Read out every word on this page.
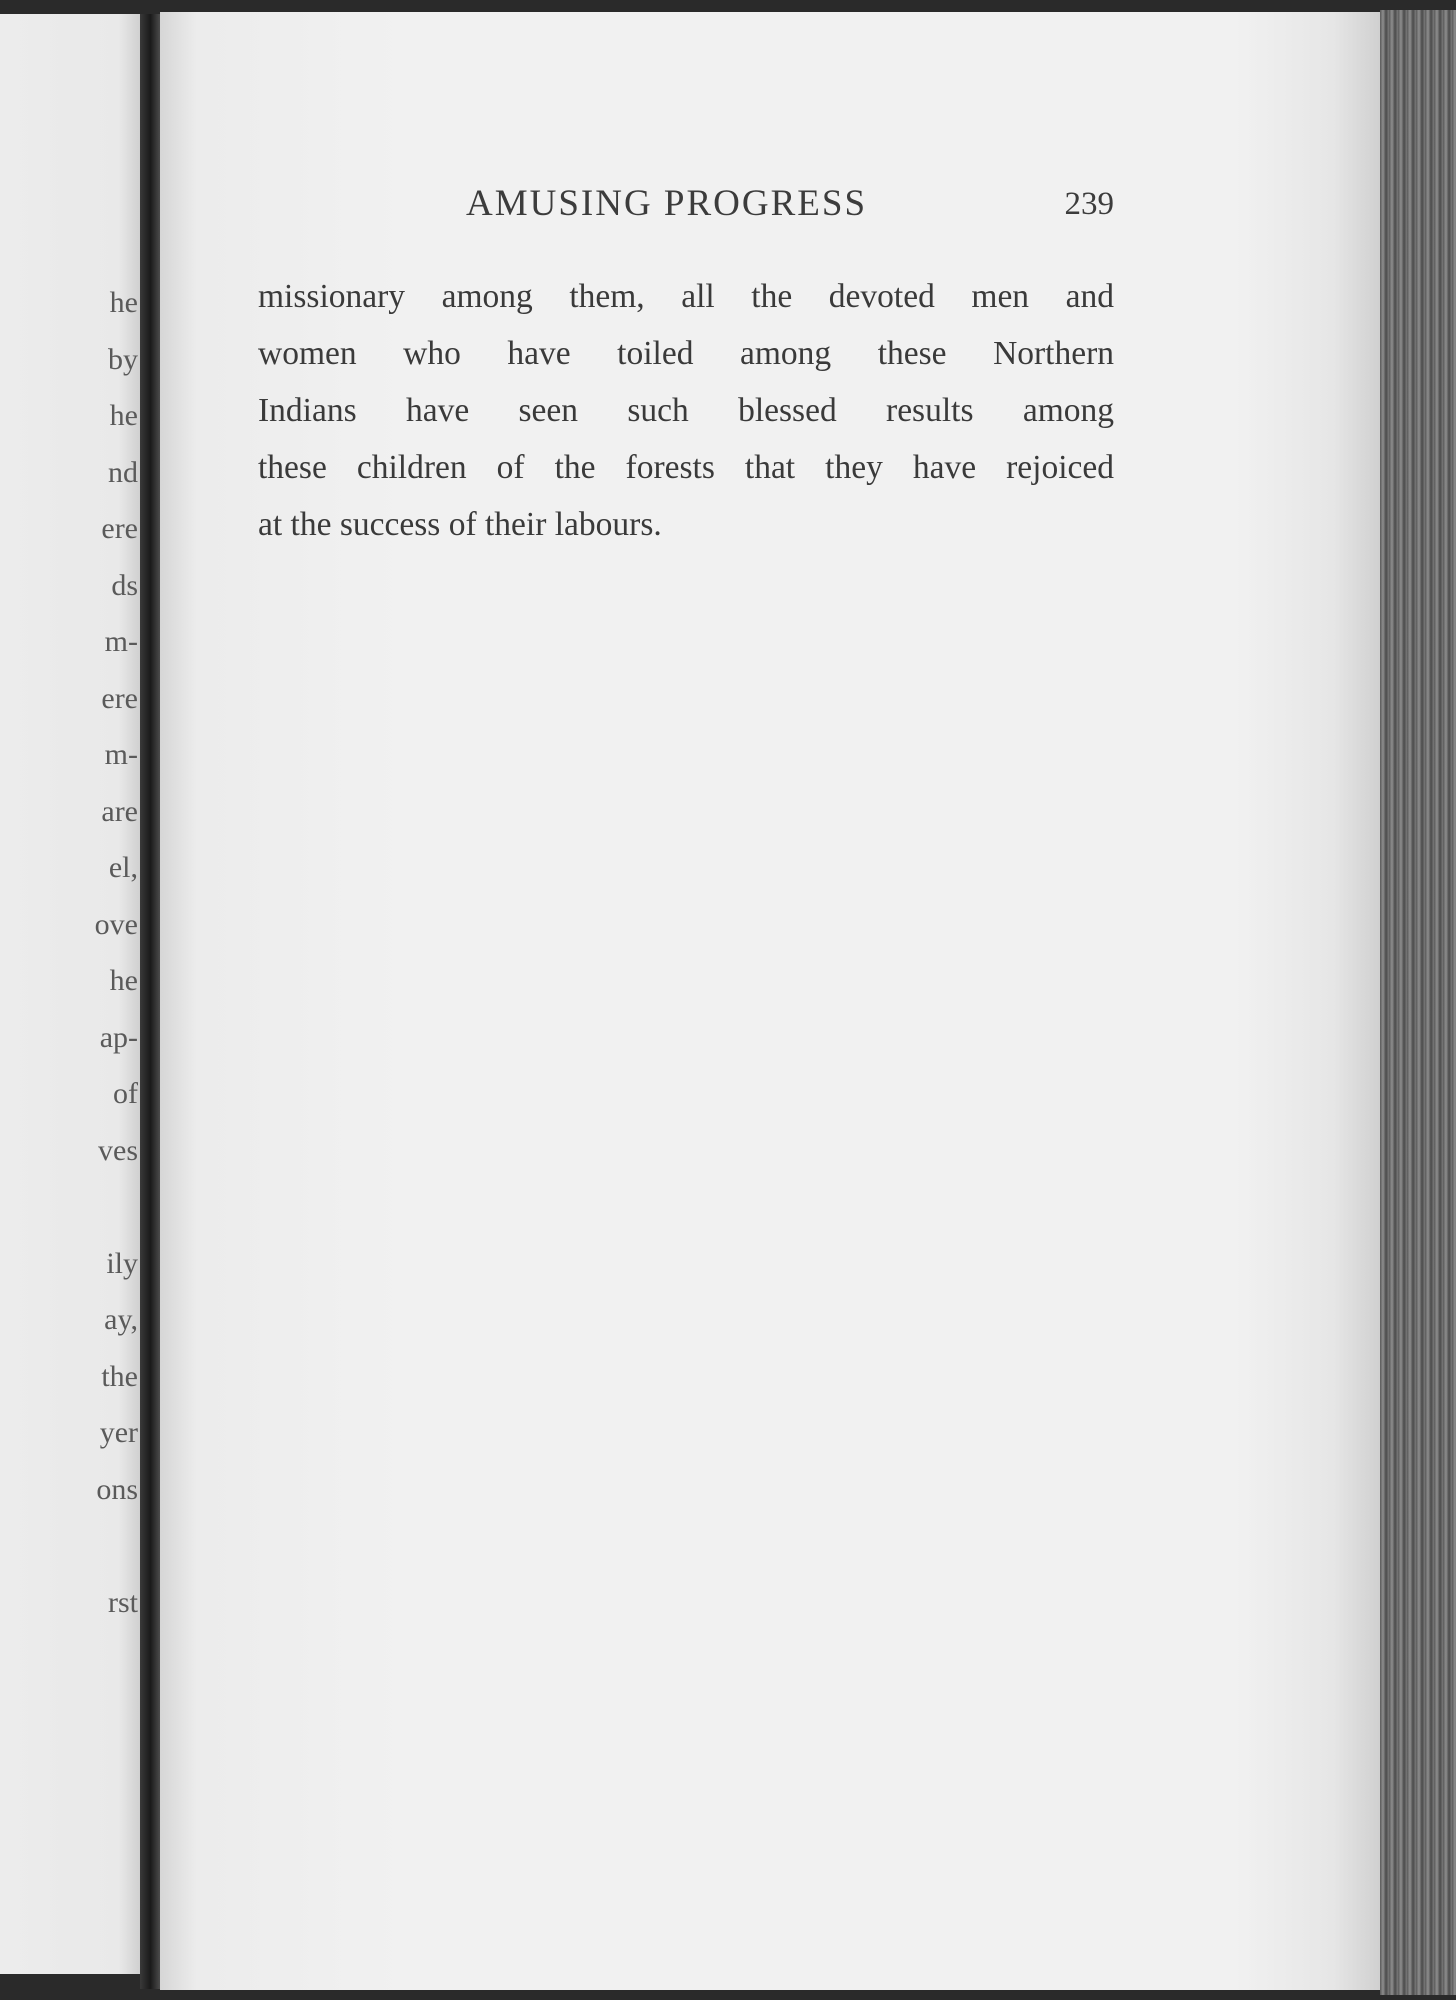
he
by
he
nd
ere
ds
m-
ere
m-
are
el,
ove
he
ap-
of
ves
ily
ay,
the
yer
ons
rst
AMUSING PROGRESS	239
missionary among them, all the devoted men and
women who have toiled among these Northern
Indians have seen such blessed results among
these children of the forests that they have rejoiced
at the success of their labours.
